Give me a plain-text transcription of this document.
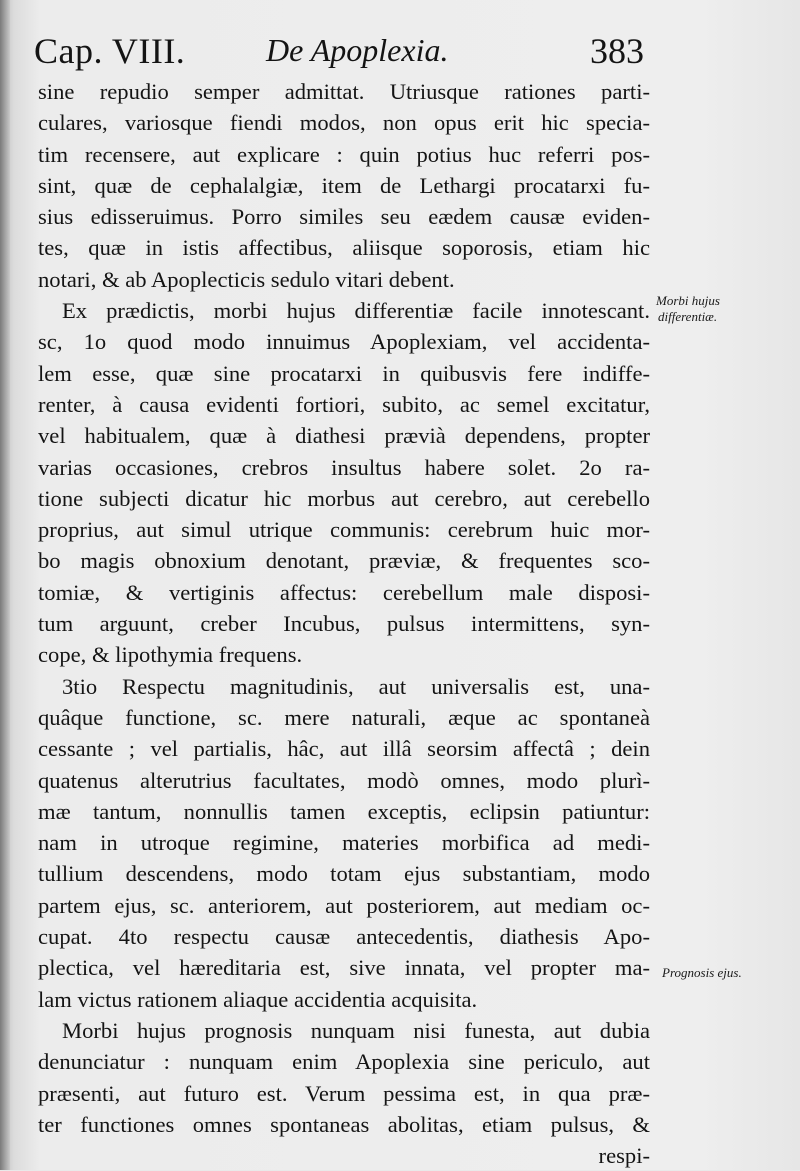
Cap. VIII.	De Apoplexia.	383
sine repudio semper admittat. Utriusque rationes parti-
culares, variosque fiendi modos, non opus erit hic specia-
tim recensere, aut explicare : quin potius huc referri pos-
sint, quæ de cephalalgiæ, item de Lethargi procatarxi fu-
sius edisseruimus. Porro similes seu eædem causæ eviden-
tes, quæ in istis affectibus, aliisque soporosis, etiam hic
notari, & ab Apoplecticis sedulo vitari debent.
Ex prædictis, morbi hujus differentiæ facile innotescant.
sc, 1o quod modo innuimus Apoplexiam, vel accidenta-
lem esse, quæ sine procatarxi in quibusvis fere indiffe-
renter, à causa evidenti fortiori, subito, ac semel excitatur,
vel habitualem, quæ à diathesi prævià dependens, propter
varias occasiones, crebros insultus habere solet. 2o ra-
tione subjecti dicatur hic morbus aut cerebro, aut cerebello
proprius, aut simul utrique communis: cerebrum huic mor-
bo magis obnoxium denotant, præviæ, & frequentes sco-
tomiæ, & vertiginis affectus: cerebellum male disposi-
tum arguunt, creber Incubus, pulsus intermittens, syn-
cope, & lipothymia frequens.
3tio Respectu magnitudinis, aut universalis est, una-
quâque functione, sc. mere naturali, æque ac spontaneà
cessante ; vel partialis, hâc, aut illâ seorsim affectâ ; dein
quatenus alterutrius facultates, modò omnes, modo plurì-
mæ tantum, nonnullis tamen exceptis, eclipsin patiuntur:
nam in utroque regimine, materies morbifica ad medi-
tullium descendens, modo totam ejus substantiam, modo
partem ejus, sc. anteriorem, aut posteriorem, aut mediam oc-
cupat. 4to respectu causæ antecedentis, diathesis Apo-
plectica, vel hæreditaria est, sive innata, vel propter ma-
lam victus rationem aliaque accidentia acquisita.
Morbi hujus prognosis nunquam nisi funesta, aut dubia
denunciatur : nunquam enim Apoplexia sine periculo, aut
præsenti, aut futuro est. Verum pessima est, in qua præ-
ter functiones omnes spontaneas abolitas, etiam pulsus, &
respi-
Morbi hujus
differentiæ.
Prognosis ejus.
